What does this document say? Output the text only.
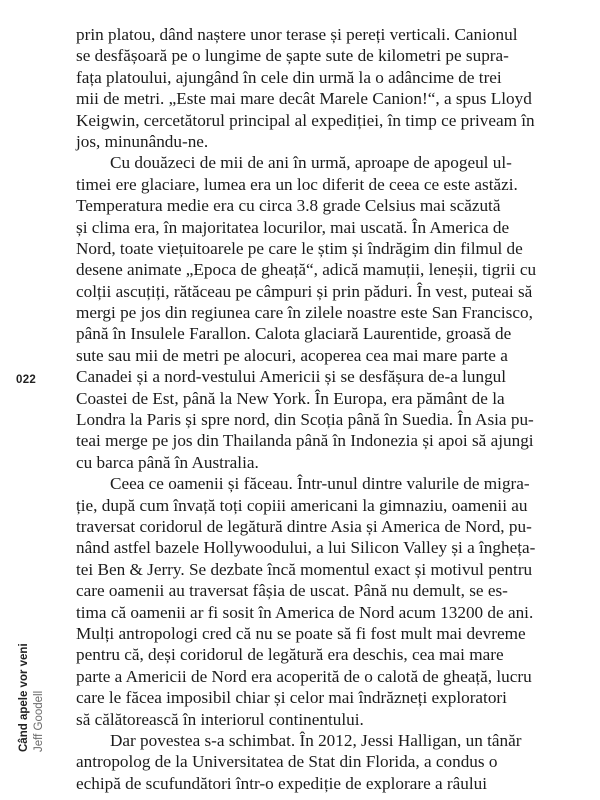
022
Când apele vor veni Jeff Goodell
prin platou, dând naștere unor terase și pereți verticali. Canionul
se desfășoară pe o lungime de șapte sute de kilometri pe supra-
fața platoului, ajungând în cele din urmă la o adâncime de trei
mii de metri. „Este mai mare decât Marele Canion!“, a spus Lloyd
Keigwin, cercetătorul principal al expediției, în timp ce priveam în
jos, minunându-ne.
Cu douăzeci de mii de ani în urmă, aproape de apogeul ul-
timei ere glaciare, lumea era un loc diferit de ceea ce este astăzi.
Temperatura medie era cu circa 3.8 grade Celsius mai scăzută
și clima era, în majoritatea locurilor, mai uscată. În America de
Nord, toate viețuitoarele pe care le știm și îndrăgim din filmul de
desene animate „Epoca de gheață“, adică mamuții, leneșii, tigrii cu
colții ascuțiți, rătăceau pe câmpuri și prin păduri. În vest, puteai să
mergi pe jos din regiunea care în zilele noastre este San Francisco,
până în Insulele Farallon. Calota glaciară Laurentide, groasă de
sute sau mii de metri pe alocuri, acoperea cea mai mare parte a
Canadei și a nord-vestului Americii și se desfășura de-a lungul
Coastei de Est, până la New York. În Europa, era pământ de la
Londra la Paris și spre nord, din Scoția până în Suedia. În Asia pu-
teai merge pe jos din Thailanda până în Indonezia și apoi să ajungi
cu barca până în Australia.
Ceea ce oamenii și făceau. Într-unul dintre valurile de migra-
ție, după cum învață toți copiii americani la gimnaziu, oamenii au
traversat coridorul de legătură dintre Asia și America de Nord, pu-
nând astfel bazele Hollywoodului, a lui Silicon Valley și a înghețа-
tei Ben & Jerry. Se dezbate încă momentul exact și motivul pentru
care oamenii au traversat fâșia de uscat. Până nu demult, se es-
tima că oamenii ar fi sosit în America de Nord acum 13200 de ani.
Mulți antropologi cred că nu se poate să fi fost mult mai devreme
pentru că, deși coridorul de legătură era deschis, cea mai mare
parte a Americii de Nord era acoperită de o calotă de gheață, lucru
care le făcea imposibil chiar și celor mai îndrăzneți exploratori
să călătorească în interiorul continentului.
Dar povestea s-a schimbat. În 2012, Jessi Halligan, un tânăr
antropolog de la Universitatea de Stat din Florida, a condus o
echipă de scufundători într-o expediție de explorare a râului
